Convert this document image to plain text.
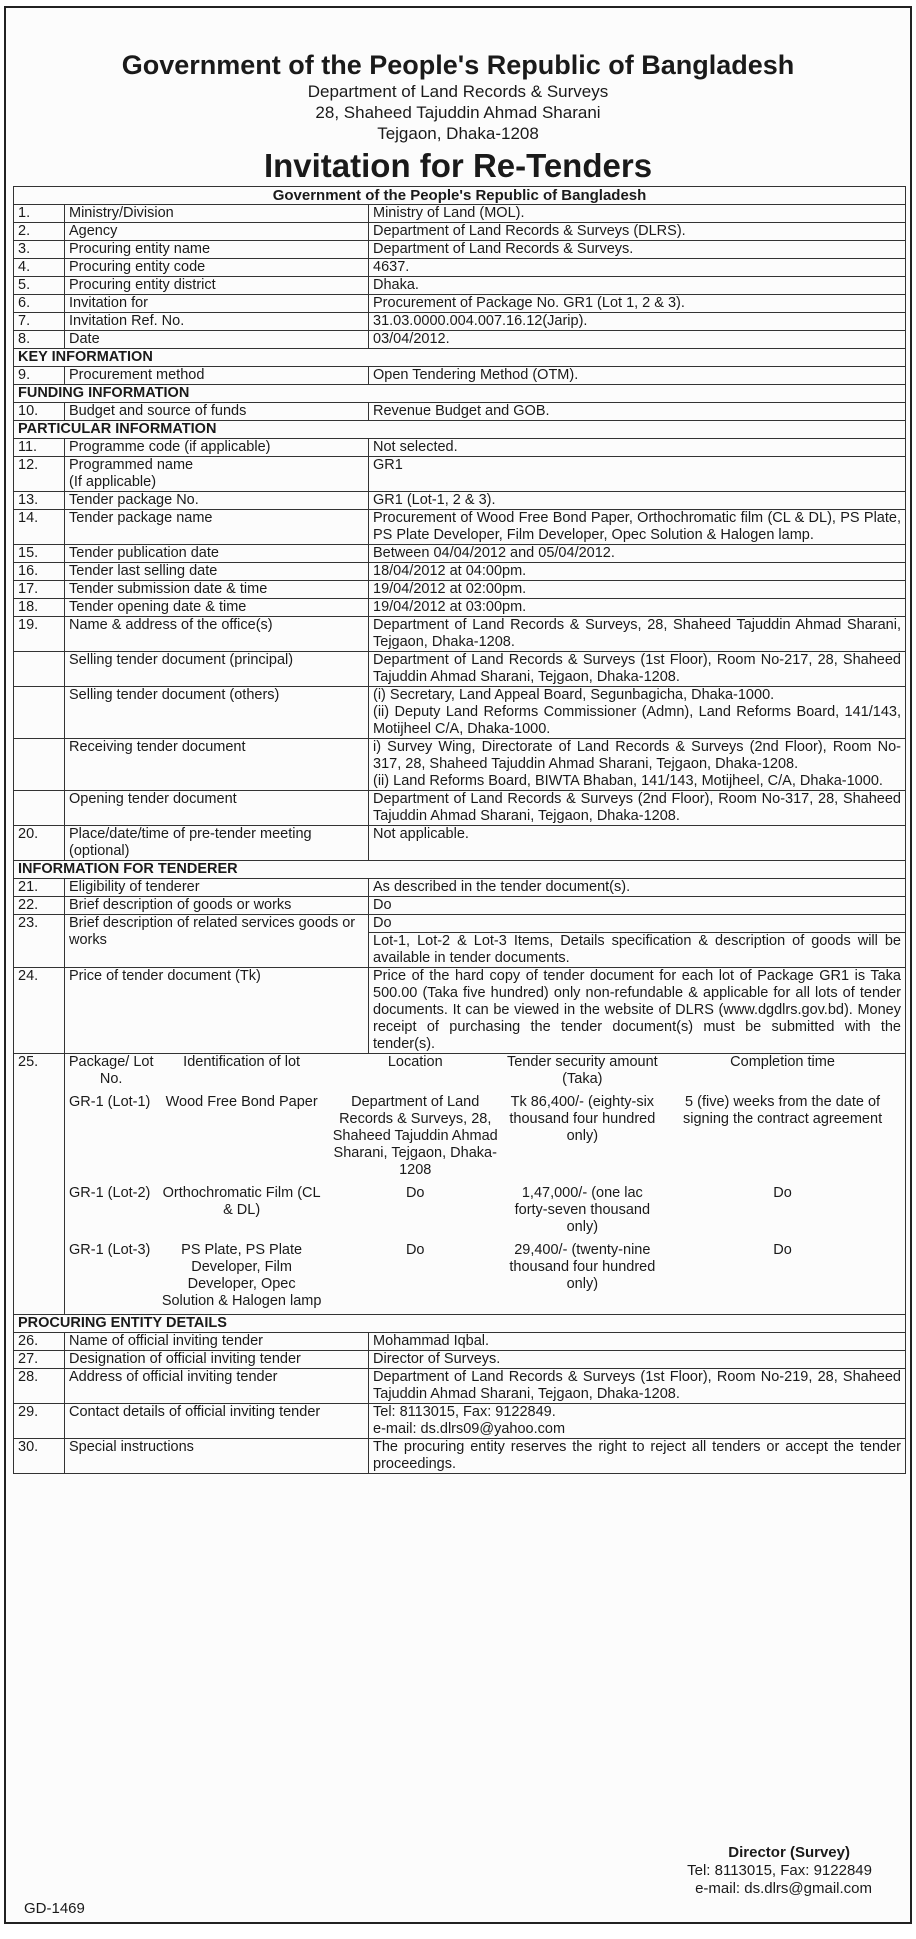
Government of the People's Republic of Bangladesh
Department of Land Records & Surveys
28, Shaheed Tajuddin Ahmad Sharani
Tejgaon, Dhaka-1208
Invitation for Re-Tenders
Government of the People's Republic of Bangladesh
1.	Ministry/Division	Ministry of Land (MOL).
2.	Agency	Department of Land Records & Surveys (DLRS).
3.	Procuring entity name	Department of Land Records & Surveys.
4.	Procuring entity code	4637.
5.	Procuring entity district	Dhaka.
6.	Invitation for	Procurement of Package No. GR1 (Lot 1, 2 & 3).
7.	Invitation Ref. No.	31.03.0000.004.007.16.12(Jarip).
8.	Date	03/04/2012.
KEY INFORMATION
9.	Procurement method	Open Tendering Method (OTM).
FUNDING INFORMATION
10.	Budget and source of funds	Revenue Budget and GOB.
PARTICULAR INFORMATION
11.	Programme code (if applicable)	Not selected.
12.	Programmed name
(If applicable)	GR1
13.	Tender package No.	GR1 (Lot-1, 2 & 3).
14.	Tender package name	Procurement of Wood Free Bond Paper, Orthochromatic film (CL & DL), PS Plate, PS Plate Developer, Film Developer, Opec Solution & Halogen lamp.
15.	Tender publication date	Between 04/04/2012 and 05/04/2012.
16.	Tender last selling date	18/04/2012 at 04:00pm.
17.	Tender submission date & time	19/04/2012 at 02:00pm.
18.	Tender opening date & time	19/04/2012 at 03:00pm.
19.	Name & address of the office(s)	Department of Land Records & Surveys, 28, Shaheed Tajuddin Ahmad Sharani, Tejgaon, Dhaka-1208.
	Selling tender document (principal)	Department of Land Records & Surveys (1st Floor), Room No-217, 28, Shaheed Tajuddin Ahmad Sharani, Tejgaon, Dhaka-1208.
	Selling tender document (others)	(i) Secretary, Land Appeal Board, Segunbagicha, Dhaka-1000.
(ii) Deputy Land Reforms Commissioner (Admn), Land Reforms Board, 141/143, Motijheel C/A, Dhaka-1000.
	Receiving tender document	i) Survey Wing, Directorate of Land Records & Surveys (2nd Floor), Room No-317, 28, Shaheed Tajuddin Ahmad Sharani, Tejgaon, Dhaka-1208.
(ii) Land Reforms Board, BIWTA Bhaban, 141/143, Motijheel, C/A, Dhaka-1000.
	Opening tender document	Department of Land Records & Surveys (2nd Floor), Room No-317, 28, Shaheed Tajuddin Ahmad Sharani, Tejgaon, Dhaka-1208.
20.	Place/date/time of pre-tender meeting (optional)	Not applicable.
INFORMATION FOR TENDERER
21.	Eligibility of tenderer	As described in the tender document(s).
22.	Brief description of goods or works	Do
23.	Brief description of related services goods or works	Do
Lot-1, Lot-2 & Lot-3 Items, Details specification & description of goods will be available in tender documents.
24.	Price of tender document (Tk)	Price of the hard copy of tender document for each lot of Package GR1 is Taka 500.00 (Taka five hundred) only non-refundable & applicable for all lots of tender documents. It can be viewed in the website of DLRS (www.dgdlrs.gov.bd). Money receipt of purchasing the tender document(s) must be submitted with the tender(s).
25.	Package/ Lot No.	Identification of lot	Location	Tender security amount (Taka)	Completion time
GR-1 (Lot-1)	Wood Free Bond Paper	Department of Land Records & Surveys, 28, Shaheed Tajuddin Ahmad Sharani, Tejgaon, Dhaka-1208	Tk 86,400/- (eighty-six thousand four hundred only)	5 (five) weeks from the date of signing the contract agreement
GR-1 (Lot-2)	Orthochromatic Film (CL & DL)	Do	1,47,000/- (one lac forty-seven thousand only)	Do
GR-1 (Lot-3)	PS Plate, PS Plate Developer, Film Developer, Opec Solution & Halogen lamp	Do	29,400/- (twenty-nine thousand four hundred only)	Do

PROCURING ENTITY DETAILS
26.	Name of official inviting tender	Mohammad Iqbal.
27.	Designation of official inviting tender	Director of Surveys.
28.	Address of official inviting tender	Department of Land Records & Surveys (1st Floor), Room No-219, 28, Shaheed Tajuddin Ahmad Sharani, Tejgaon, Dhaka-1208.
29.	Contact details of official inviting tender	Tel: 8113015, Fax: 9122849.
e-mail: ds.dlrs09@yahoo.com
30.	Special instructions	The procuring entity reserves the right to reject all tenders or accept the tender proceedings.
Director (Survey)
Tel: 8113015, Fax: 9122849
e-mail: ds.dlrs@gmail.com
GD-1469
